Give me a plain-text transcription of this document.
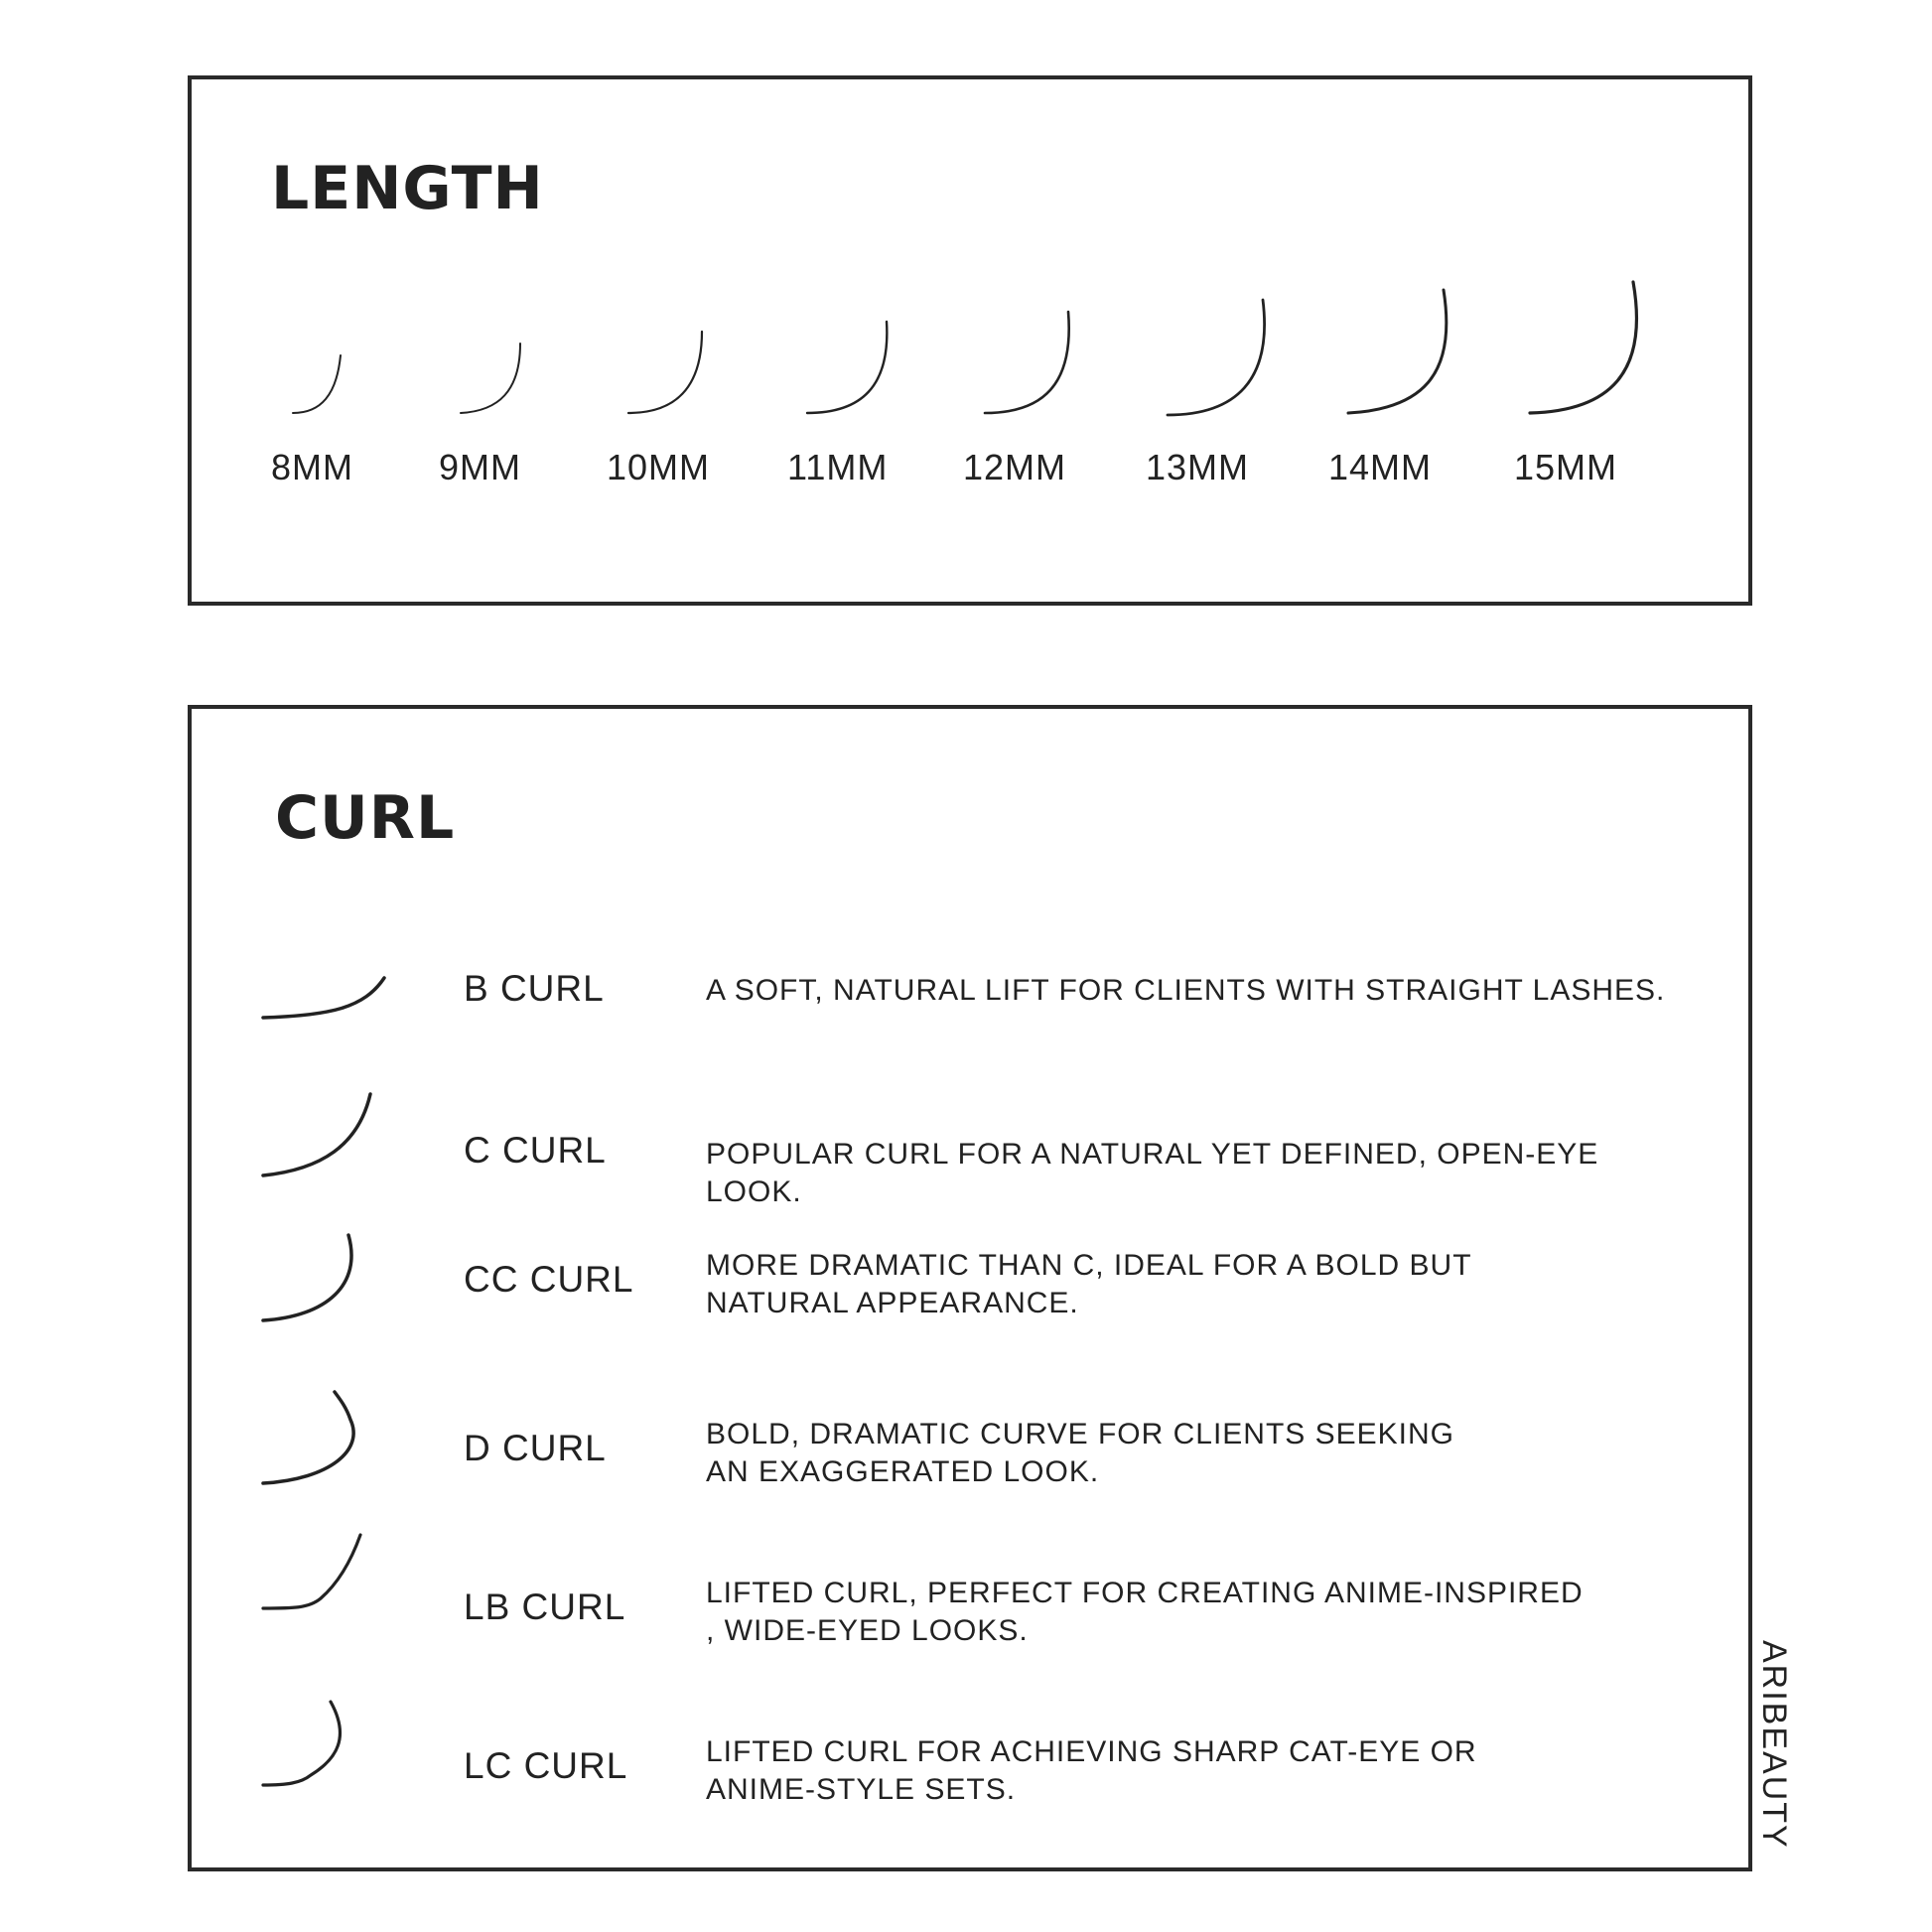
LENGTH
8MM 9MM 10MM 11MM 12MM 13MM 14MM 15MM
CURL
B CURL	A SOFT, NATURAL LIFT FOR CLIENTS WITH STRAIGHT LASHES.
C CURL	POPULAR CURL FOR A NATURAL YET DEFINED, OPEN-EYE LOOK.
CC CURL MORE DRAMATIC THAN C, IDEAL FOR A BOLD BUT
NATURAL APPEARANCE.
D CURL	BOLD, DRAMATIC CURVE FOR CLIENTS SEEKING
AN EXAGGERATED LOOK.
LB CURL	LIFTED CURL, PERFECT FOR CREATING ANIME-INSPIRED
, WIDE-EYED LOOKS.
LC CURL	LIFTED CURL FOR ACHIEVING SHARP CAT-EYE OR
ANIME-STYLE SETS.	ARIBEAUTY
